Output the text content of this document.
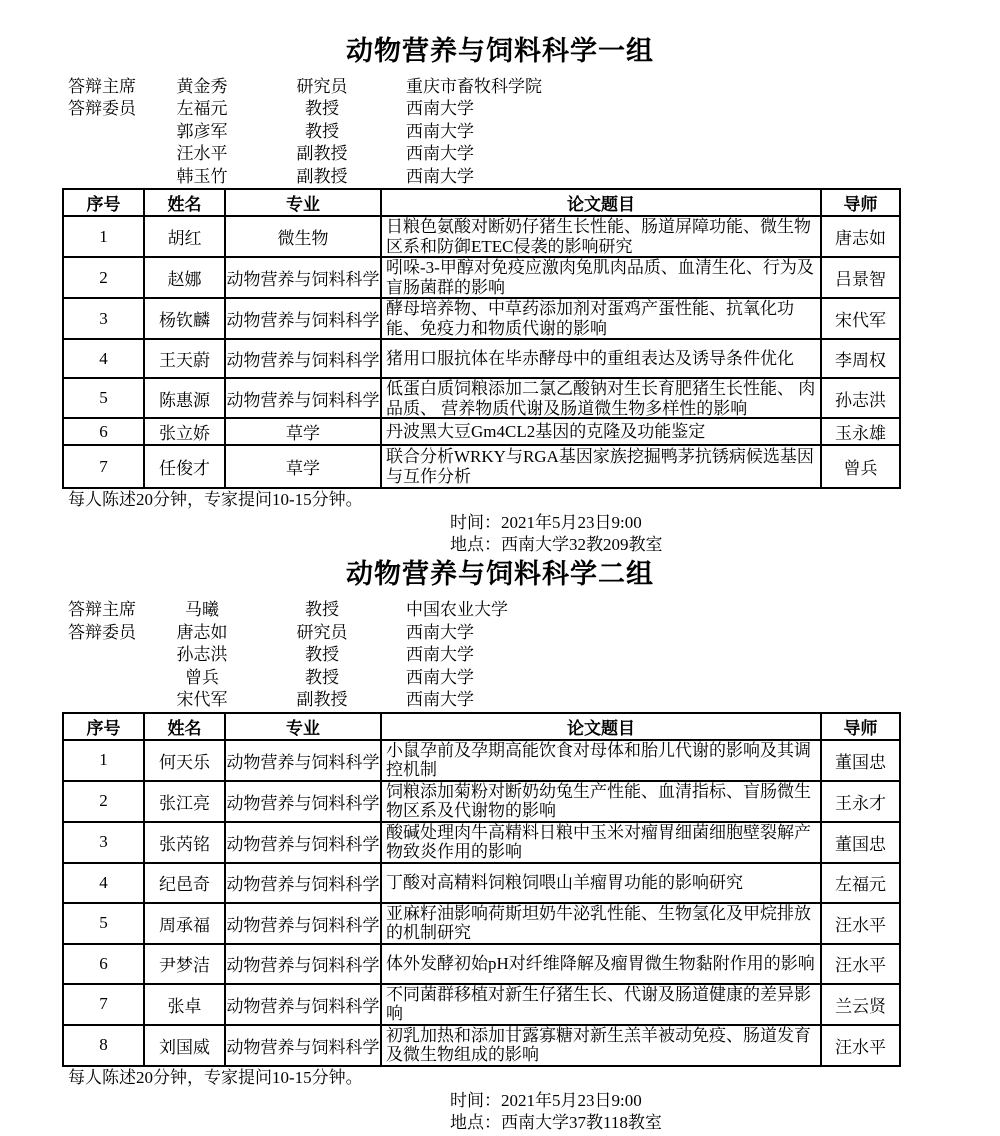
动物营养与饲料科学一组
答辩主席	黄金秀	研究员	重庆市畜牧科学院
答辩委员	左福元	教授	西南大学
郭彦军	教授	西南大学
汪水平	副教授	西南大学
韩玉竹	副教授	西南大学
序号	姓名	专业	论文题目	导师
1	胡红	微生物	日粮色氨酸对断奶仔猪生长性能、肠道屏障功能、微生物区系和防御ETEC侵袭的影响研究	唐志如
2	赵娜	动物营养与饲料科学	吲哚-3-甲醇对免疫应激肉兔肌肉品质、血清生化、行为及盲肠菌群的影响	吕景智
3	杨钦麟	动物营养与饲料科学	酵母培养物、中草药添加剂对蛋鸡产蛋性能、抗氧化功能、免疫力和物质代谢的影响	宋代军
4	王天蔚	动物营养与饲料科学	猪用口服抗体在毕赤酵母中的重组表达及诱导条件优化	李周权
5	陈惠源	动物营养与饲料科学	低蛋白质饲粮添加二氯乙酸钠对生长育肥猪生长性能、 肉品质、 营养物质代谢及肠道微生物多样性的影响	孙志洪
6	张立娇	草学	丹波黑大豆Gm4CL2基因的克隆及功能鉴定	玉永雄
7	任俊才	草学	联合分析WRKY与RGA基因家族挖掘鸭茅抗锈病候选基因与互作分析	曾兵

每人陈述20分钟，专家提问10-15分钟。

时间：2021年5月23日9:00

地点：西南大学32教209教室

动物营养与饲料科学二组
答辩主席	马曦	教授	中国农业大学
答辩委员	唐志如	研究员	西南大学
孙志洪	教授	西南大学
曾兵	教授	西南大学
宋代军	副教授	西南大学
序号	姓名	专业	论文题目	导师
1	何天乐	动物营养与饲料科学	小鼠孕前及孕期高能饮食对母体和胎儿代谢的影响及其调控机制	董国忠
2	张江亮	动物营养与饲料科学	饲粮添加菊粉对断奶幼兔生产性能、血清指标、盲肠微生物区系及代谢物的影响	王永才
3	张芮铭	动物营养与饲料科学	酸碱处理肉牛高精料日粮中玉米对瘤胃细菌细胞壁裂解产物致炎作用的影响	董国忠
4	纪邑奇	动物营养与饲料科学	丁酸对高精料饲粮饲喂山羊瘤胃功能的影响研究	左福元
5	周承福	动物营养与饲料科学	亚麻籽油影响荷斯坦奶牛泌乳性能、生物氢化及甲烷排放的机制研究	汪水平
6	尹梦洁	动物营养与饲料科学	体外发酵初始pH对纤维降解及瘤胃微生物黏附作用的影响	汪水平
7	张卓	动物营养与饲料科学	不同菌群移植对新生仔猪生长、代谢及肠道健康的差异影响	兰云贤
8	刘国威	动物营养与饲料科学	初乳加热和添加甘露寡糖对新生羔羊被动免疫、肠道发育及微生物组成的影响	汪水平

每人陈述20分钟，专家提问10-15分钟。

时间：2021年5月23日9:00

地点：西南大学37教118教室
